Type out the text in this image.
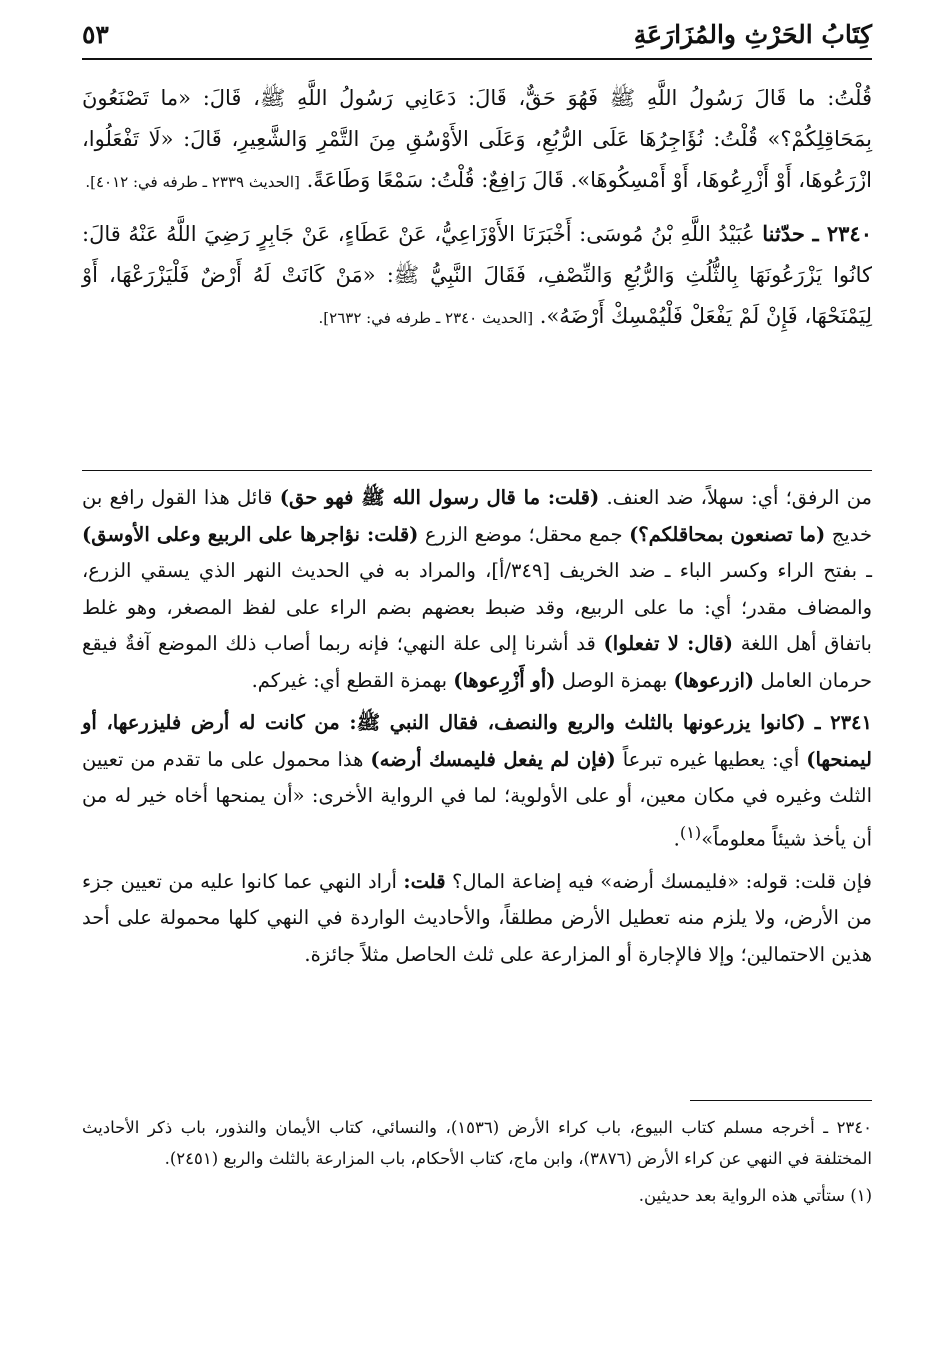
كِتَابُ الحَرْثِ والمُزَارَعَةِ
٥٣

قُلْتُ: ما قَالَ رَسُولُ اللَّهِ ﷺ فَهُوَ حَقٌّ، قَالَ: دَعَانِي رَسُولُ اللَّهِ ﷺ، قَالَ: «ما تَصْنَعُونَ بِمَحَاقِلِكُمْ؟» قُلْتُ: نُؤَاجِرُهَا عَلَى الرُّبُعِ، وَعَلَى الأَوْسُقِ مِنَ التَّمْرِ وَالشَّعِيرِ، قَالَ: «لَا تَفْعَلُوا، ازْرَعُوهَا، أَوْ أَزْرِعُوهَا، أَوْ أَمْسِكُوهَا». قَالَ رَافِعٌ: قُلْتُ: سَمْعًا وَطَاعَةً. [الحديث ٢٣٣٩ ـ طرفه في: ٤٠١٢].

٢٣٤٠ ـ حدّثنا عُبَيْدُ اللَّهِ بْنُ مُوسَى: أَخْبَرَنَا الأَوْزَاعِيُّ، عَنْ عَطَاءٍ، عَنْ جَابِرٍ رَضِيَ اللَّهُ عَنْهُ قالَ: كانُوا يَزْرَعُونَهَا بِالثُّلُثِ وَالرُّبُعِ وَالنِّصْفِ، فَقَالَ النَّبِيُّ ﷺ: «مَنْ كَانَتْ لَهُ أَرْضٌ فَلْيَزْرَعْهَا، أَوْ لِيَمْنَحْهَا، فَإِنْ لَمْ يَفْعَلْ فَلْيُمْسِكْ أَرْضَهُ». [الحديث ٢٣٤٠ ـ طرفه في: ٢٦٣٢].

من الرفق؛ أي: سهلاً، ضد العنف. (قلت: ما قال رسول الله ﷺ فهو حق) قائل هذا القول رافع بن خديج (ما تصنعون بمحاقلكم؟) جمع محقل؛ موضع الزرع (قلت: نؤاجرها على الربيع وعلى الأوسق) ـ بفتح الراء وكسر الباء ـ ضد الخريف [٣٤٩/أ]، والمراد به في الحديث النهر الذي يسقي الزرع، والمضاف مقدر؛ أي: ما على الربيع، وقد ضبط بعضهم بضم الراء على لفظ المصغر، وهو غلط باتفاق أهل اللغة (قال: لا تفعلوا) قد أشرنا إلى علة النهي؛ فإنه ربما أصاب ذلك الموضع آفةٌ فيقع حرمان العامل (ازرعوها) بهمزة الوصل (أو أَزْرِعوها) بهمزة القطع أي: غيركم.

٢٣٤١ ـ (كانوا يزرعونها بالثلث والربع والنصف، فقال النبي ﷺ: من كانت له أرض فليزرعها، أو ليمنحها) أي: يعطيها غيره تبرعاً (فإن لم يفعل فليمسك أرضه) هذا محمول على ما تقدم من تعيين الثلث وغيره في مكان معين، أو على الأولوية؛ لما في الرواية الأخرى: «أن يمنحها أخاه خير له من أن يأخذ شيئاً معلوماً»$^{(١)}$.

فإن قلت: قوله: «فليمسك أرضه» فيه إضاعة المال؟ قلت: أراد النهي عما كانوا عليه من تعيين جزء من الأرض، ولا يلزم منه تعطيل الأرض مطلقاً، والأحاديث الواردة في النهي كلها محمولة على أحد هذين الاحتمالين؛ وإلا فالإجارة أو المزارعة على ثلث الحاصل مثلاً جائزة.

٢٣٤٠ ـ أخرجه مسلم كتاب البيوع، باب كراء الأرض (١٥٣٦)، والنسائي، كتاب الأيمان والنذور، باب ذكر الأحاديث المختلفة في النهي عن كراء الأرض (٣٨٧٦)، وابن ماج، كتاب الأحكام، باب المزارعة بالثلث والربع (٢٤٥١).

(١) ستأتي هذه الرواية بعد حديثين.
